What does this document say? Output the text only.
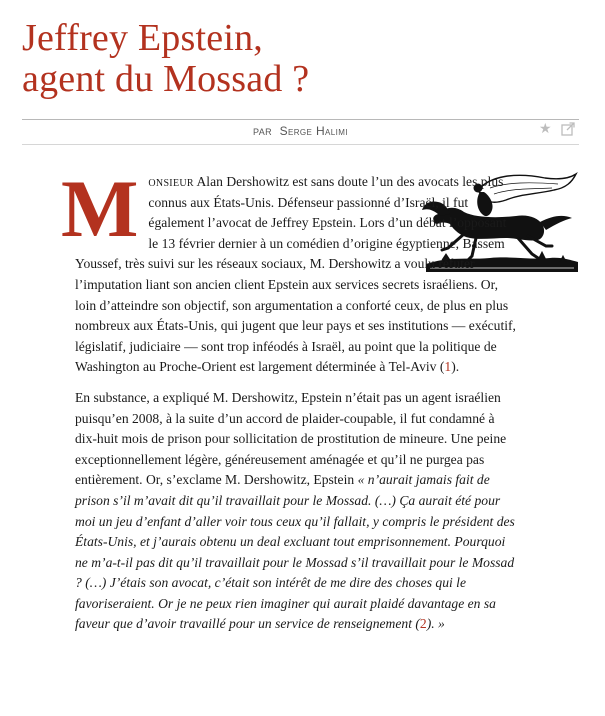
Jeffrey Epstein,
agent du Mossad ?
PAR Serge Halimi	★

Monsieur Alan Dershowitz est sans doute l’un des avocats les plus connus aux États-Unis. Défenseur passionné d’Israël, il fut également l’avocat de Jeffrey Epstein. Lors d’un débat l’opposant le 13 février dernier à un comédien d’origine égyptienne, Bassem Youssef, très suivi sur les réseaux sociaux, M. Dershowitz a voulu réfuter l’imputation liant son ancien client Epstein aux services secrets israéliens. Or, loin d’atteindre son objectif, son argumentation a conforté ceux, de plus en plus nombreux aux États-Unis, qui jugent que leur pays et ses institutions — exécutif, législatif, judiciaire — sont trop inféodés à Israël, au point que la politique de Washington au Proche-Orient est largement déterminée à Tel-Aviv (1).

En substance, a expliqué M. Dershowitz, Epstein n’était pas un agent israélien puisqu’en 2008, à la suite d’un accord de plaider-coupable, il fut condamné à dix-huit mois de prison pour sollicitation de prostitution de mineure. Une peine exceptionnellement légère, généreusement aménagée et qu’il ne purgea pas entièrement. Or, s’exclame M. Dershowitz, Epstein « n’aurait jamais fait de prison s’il m’avait dit qu’il travaillait pour le Mossad. (…) Ça aurait été pour moi un jeu d’enfant d’aller voir tous ceux qu’il fallait, y compris le président des États-Unis, et j’aurais obtenu un deal excluant tout emprisonnement. Pourquoi ne m’a-t-il pas dit qu’il travaillait pour le Mossad s’il travaillait pour le Mossad ? (…) J’étais son avocat, c’était son intérêt de me dire des choses qui le favoriseraient. Or je ne peux rien imaginer qui aurait plaidé davantage en sa faveur que d’avoir travaillé pour un service de renseignement (2). »
